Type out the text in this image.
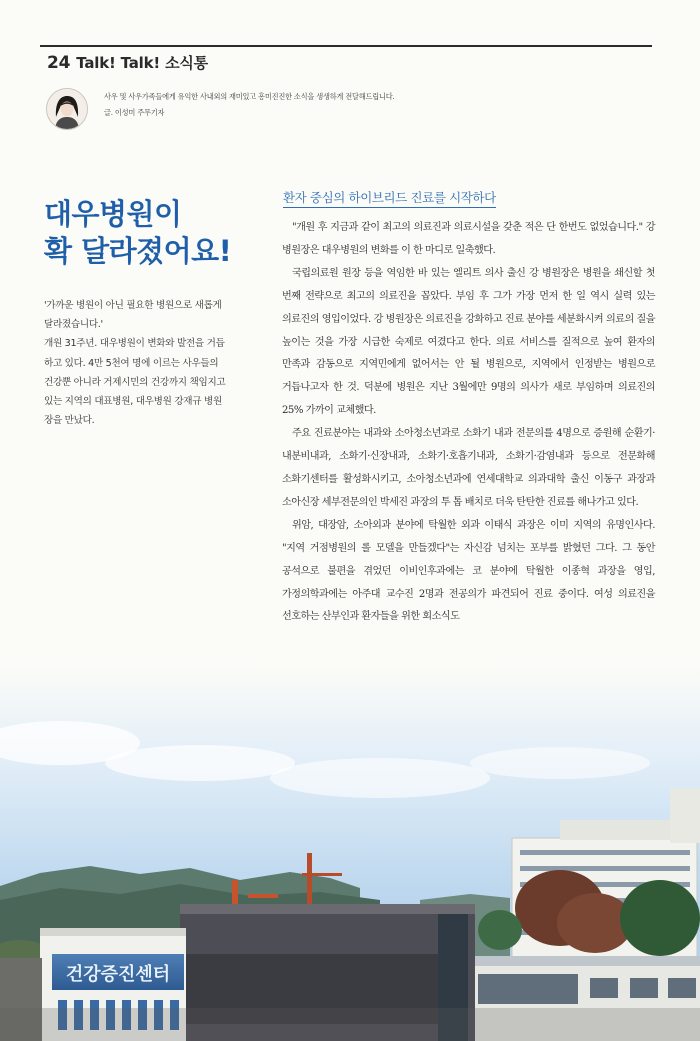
24 Talk! Talk! 소식통
사우 및 사우가족들에게 유익한 사내외의 재미있고 흥미진진한 소식을 생생하게 전달해드립니다.
글. 이성미 주무기자
대우병원이
확 달라졌어요!

'가까운 병원이 아닌 필요한 병원으로 새롭게 달라졌습니다.'

개원 31주년. 대우병원이 변화와 발전을 거듭하고 있다. 4만 5천여 명에 이르는 사우들의 건강뿐 아니라 거제시민의 건강까지 책임지고 있는 지역의 대표병원, 대우병원 강재규 병원장을 만났다.

환자 중심의 하이브리드 진료를 시작하다

"개원 후 지금과 같이 최고의 의료진과 의료시설을 갖춘 적은 단 한번도 없었습니다." 강 병원장은 대우병원의 변화를 이 한 마디로 일축했다.

국립의료원 원장 등을 역임한 바 있는 엘리트 의사 출신 강 병원장은 병원을 쇄신할 첫 번째 전략으로 최고의 의료진을 꼽았다. 부임 후 그가 가장 먼저 한 일 역시 실력 있는 의료진의 영입이었다. 강 병원장은 의료진을 강화하고 진료 분야를 세분화시켜 의료의 질을 높이는 것을 가장 시급한 숙제로 여겼다고 한다. 의료 서비스를 질적으로 높여 환자의 만족과 감동으로 지역민에게 없어서는 안 될 병원으로, 지역에서 인정받는 병원으로 거듭나고자 한 것. 덕분에 병원은 지난 3월에만 9명의 의사가 새로 부임하며 의료진의 25% 가까이 교체했다.

주요 진료분야는 내과와 소아청소년과로 소화기 내과 전문의를 4명으로 증원해 순환기·내분비내과, 소화기·신장내과, 소화기·호흡기내과, 소화기·감염내과 등으로 전문화해 소화기센터를 활성화시키고, 소아청소년과에 연세대학교 의과대학 출신 이동구 과장과 소아신장 세부전문의인 박세진 과장의 투 톱 배치로 더욱 탄탄한 진료를 해나가고 있다.

위암, 대장암, 소아외과 분야에 탁월한 외과 이태식 과장은 이미 지역의 유명인사다. "지역 거점병원의 롤 모델을 만들겠다"는 자신감 넘치는 포부를 밝혔던 그다. 그 동안 공석으로 불편을 겪었던 이비인후과에는 코 분야에 탁월한 이종혁 과장을 영입, 가정의학과에는 아주대 교수진 2명과 전공의가 파견되어 진료 중이다. 여성 의료진을 선호하는 산부인과 환자들을 위한 회소식도

건강증진센터
